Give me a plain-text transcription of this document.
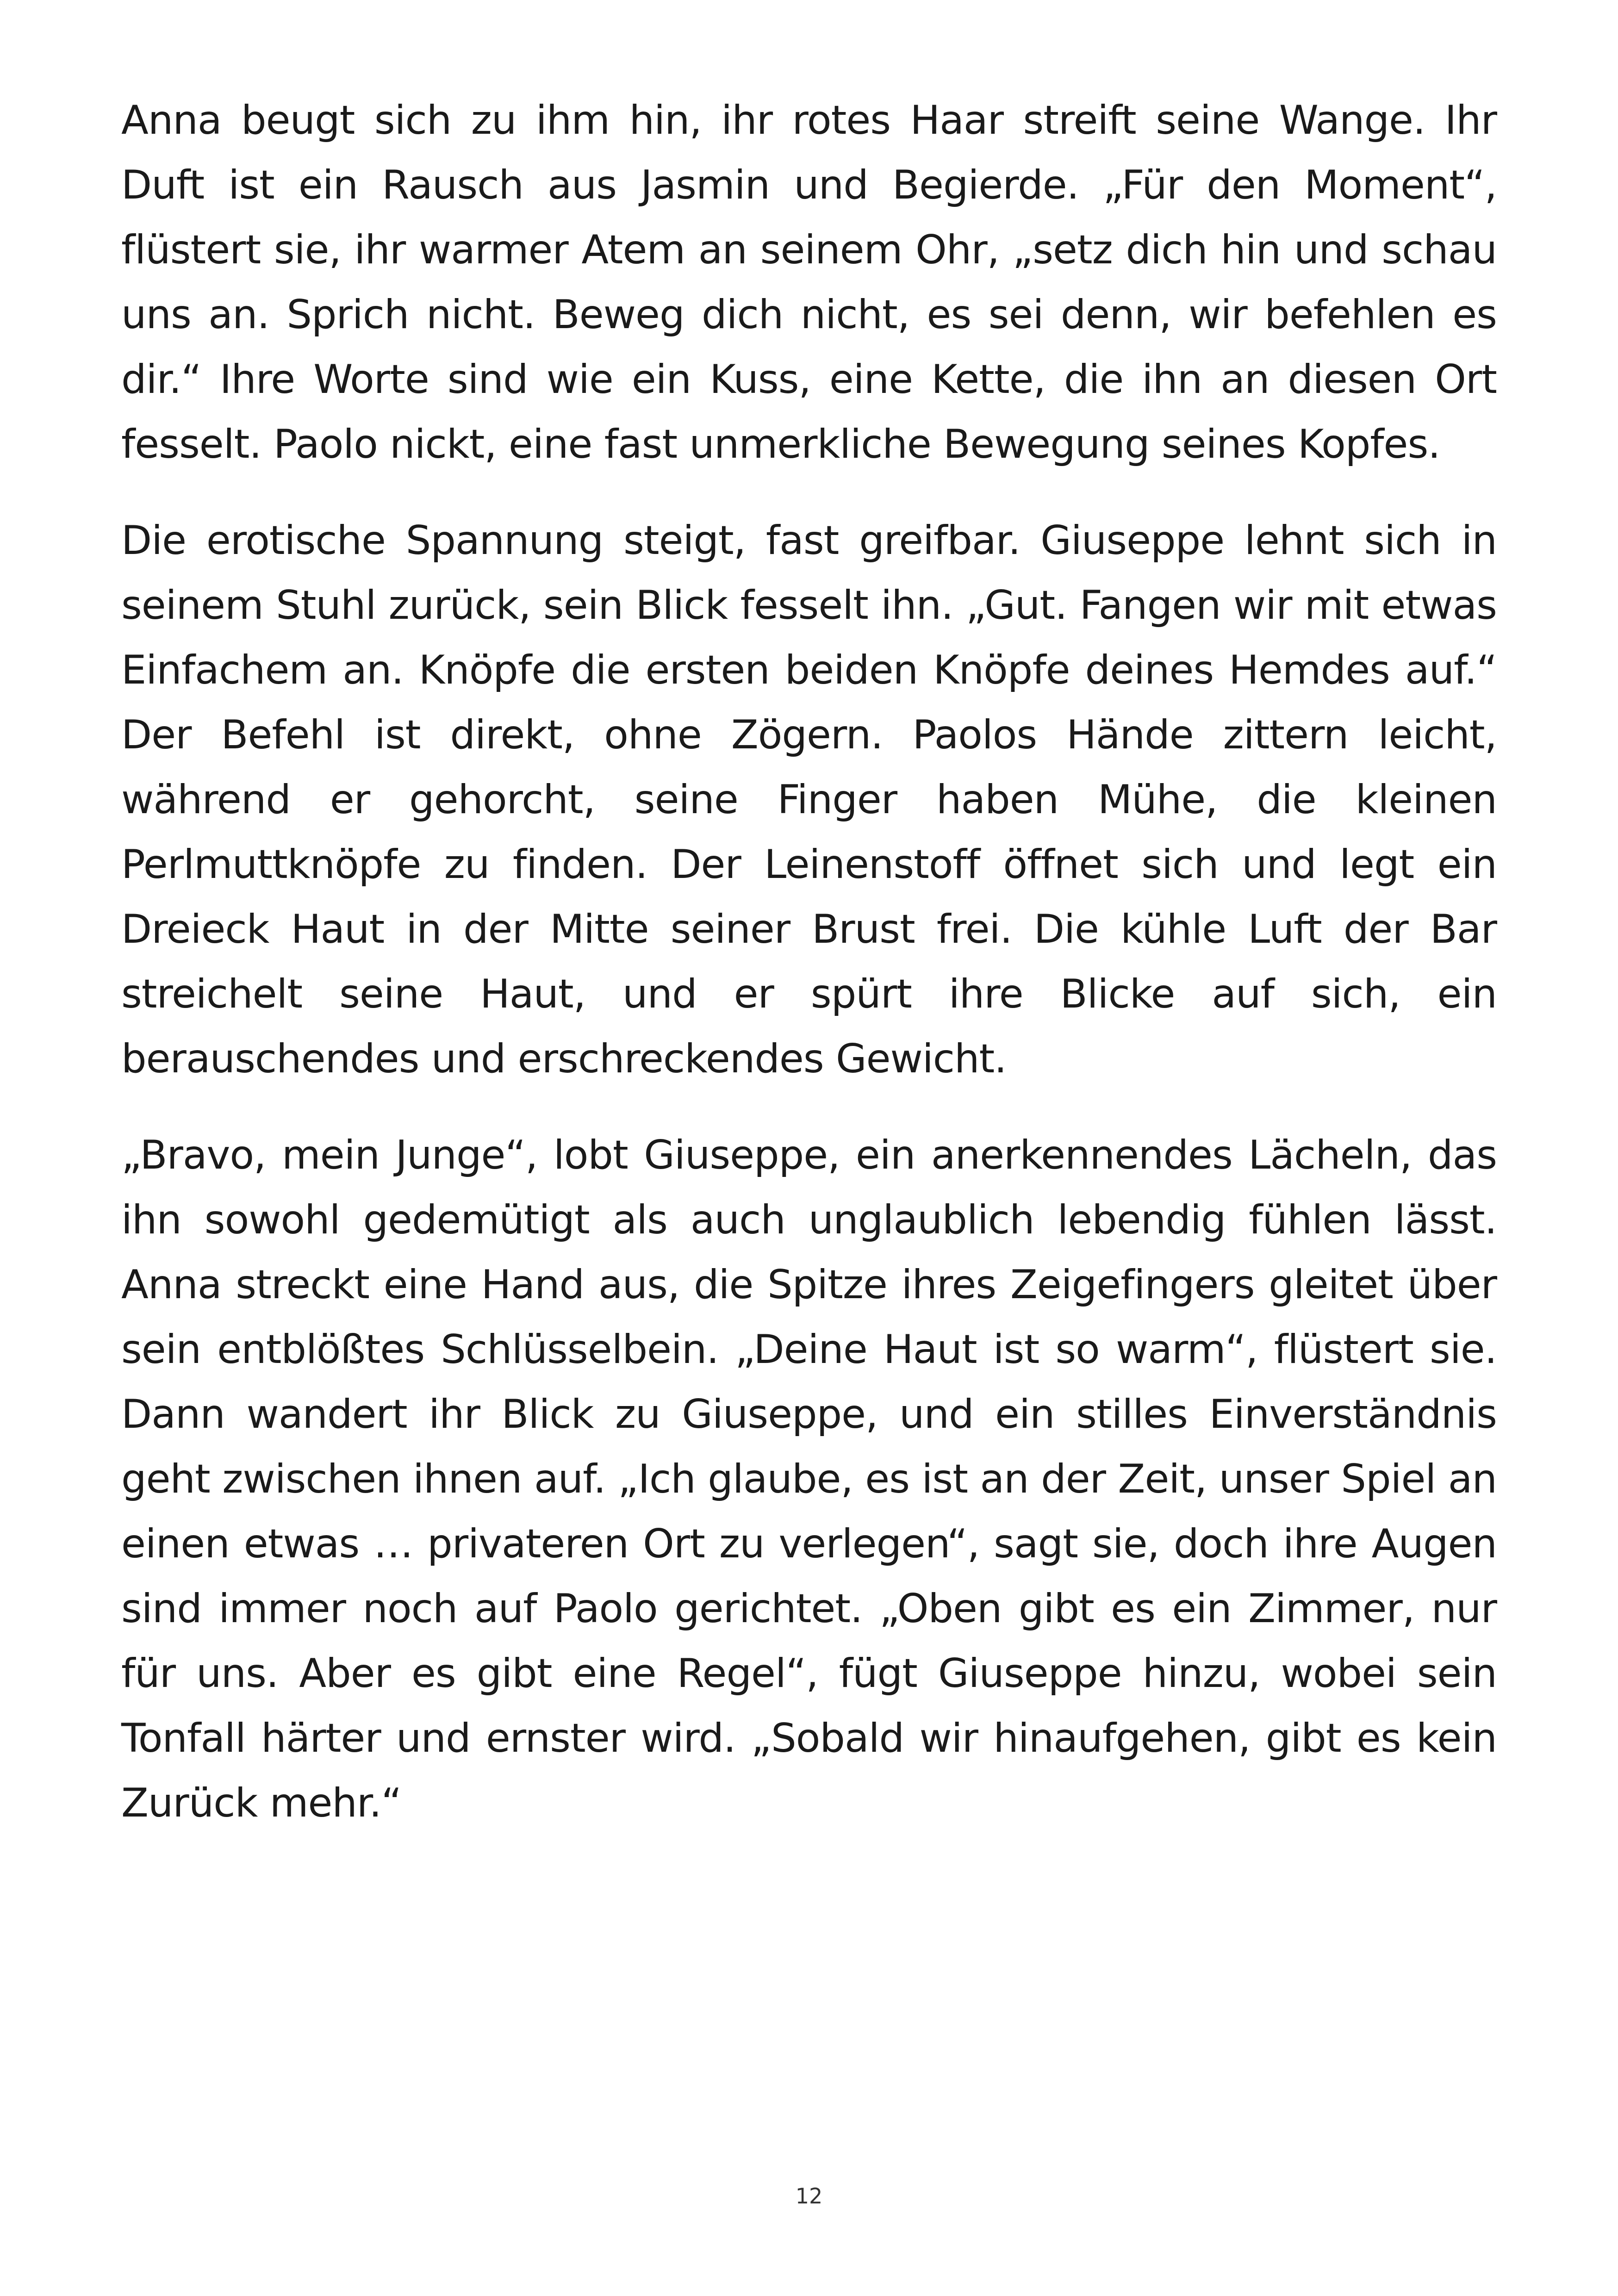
Anna beugt sich zu ihm hin, ihr rotes Haar streift seine Wange. Ihr Duft ist ein Rausch aus Jasmin und Begierde. „Für den Moment“, flüstert sie, ihr warmer Atem an seinem Ohr, „setz dich hin und schau uns an. Sprich nicht. Beweg dich nicht, es sei denn, wir befehlen es dir.“ Ihre Worte sind wie ein Kuss, eine Kette, die ihn an diesen Ort fesselt. Paolo nickt, eine fast unmerkliche Bewegung seines Kopfes.

Die erotische Spannung steigt, fast greifbar. Giuseppe lehnt sich in seinem Stuhl zurück, sein Blick fesselt ihn. „Gut. Fangen wir mit etwas Einfachem an. Knöpfe die ersten beiden Knöpfe deines Hemdes auf.“ Der Befehl ist direkt, ohne Zögern. Paolos Hände zittern leicht, während er gehorcht, seine Finger haben Mühe, die kleinen Perlmuttknöpfe zu finden. Der Leinenstoff öffnet sich und legt ein Dreieck Haut in der Mitte seiner Brust frei. Die kühle Luft der Bar streichelt seine Haut, und er spürt ihre Blicke auf sich, ein berauschendes und erschreckendes Gewicht.

„Bravo, mein Junge“, lobt Giuseppe, ein anerkennendes Lächeln, das ihn sowohl gedemütigt als auch unglaublich lebendig fühlen lässt. Anna streckt eine Hand aus, die Spitze ihres Zeigefingers gleitet über sein entblößtes Schlüsselbein. „Deine Haut ist so warm“, flüstert sie. Dann wandert ihr Blick zu Giuseppe, und ein stilles Einverständnis geht zwischen ihnen auf. „Ich glaube, es ist an der Zeit, unser Spiel an einen etwas … privateren Ort zu verlegen“, sagt sie, doch ihre Augen sind immer noch auf Paolo gerichtet. „Oben gibt es ein Zimmer, nur für uns. Aber es gibt eine Regel“, fügt Giuseppe hinzu, wobei sein Tonfall härter und ernster wird. „Sobald wir hinaufgehen, gibt es kein Zurück mehr.“

12
